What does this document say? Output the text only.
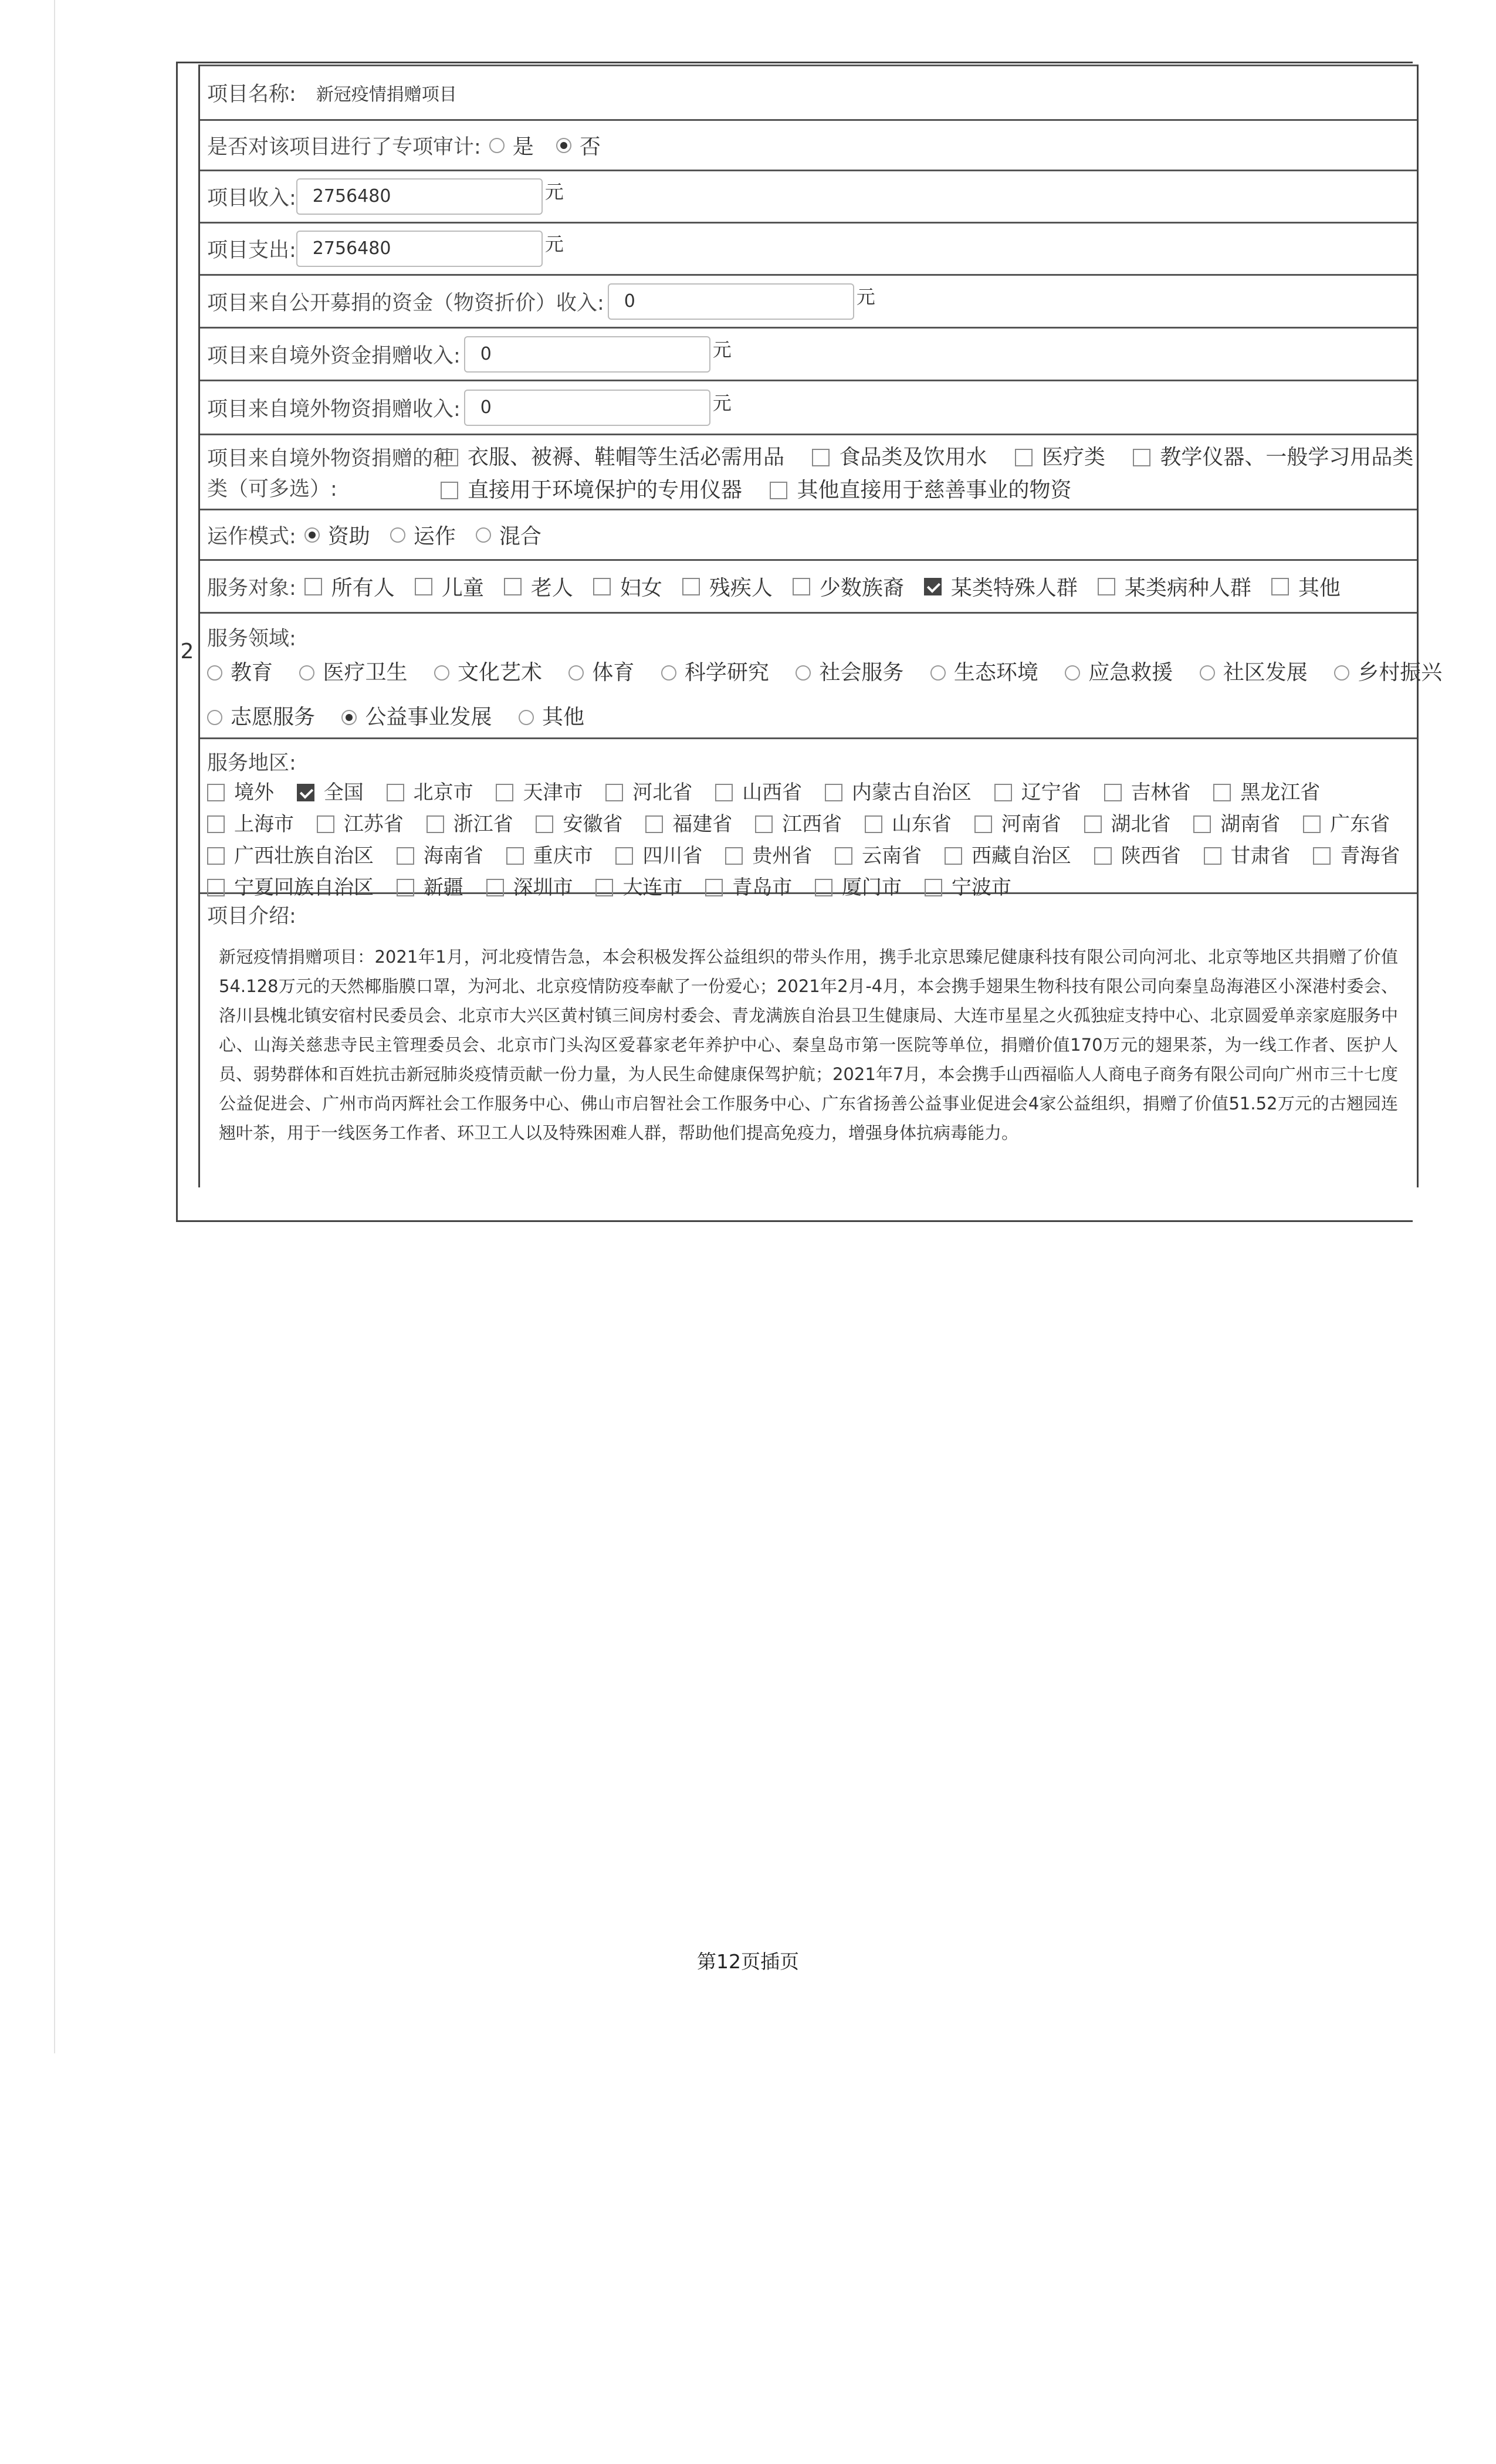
2
项目名称: 新冠疫情捐赠项目
是否对该项目进行了专项审计: 是 否
项目收入: 2756480	元
项目支出: 2756480	元
项目来自公开募捐的资金（物资折价）收入:	0	元
项目来自境外资金捐赠收入:	0	元
项目来自境外物资捐赠收入:	0	元
项目来自境外物资捐赠的种
类（可多选）:
衣服、被褥、鞋帽等生活必需用品
	食品类及饮用水
	医疗类
	教学仪器、一般学习用品类
直接用于环境保护的专用仪器
	其他直接用于慈善事业的物资
运作模式: 资助 运作 混合
服务对象: 所有人 儿童 老人 妇女 残疾人 少数族裔 某类特殊人群 某类病种人群 其他
服务领域:
教育
医疗卫生
文化艺术
体育
科学研究
社会服务
生态环境
应急救援
社区发展
乡村振兴
志愿服务
公益事业发展
其他
服务地区:
境外
全国
北京市
天津市
河北省
山西省
内蒙古自治区
辽宁省
吉林省
黑龙江省
上海市
江苏省
浙江省
安徽省
福建省
江西省
山东省
河南省
湖北省
湖南省
广东省
广西壮族自治区
海南省
重庆市
四川省
贵州省
云南省
西藏自治区
陕西省
甘肃省
青海省
宁夏回族自治区
新疆
深圳市
大连市
青岛市
厦门市
宁波市
项目介绍:
新冠疫情捐赠项目：2021年1月，河北疫情告急，本会积极发挥公益组织的带头作用，携手北京思臻尼健康科技有限公司向河北、北京等地区共捐赠了价值54.128万元的天然椰脂膜口罩，为河北、北京疫情防疫奉献了一份爱心；2021年2月-4月，本会携手翅果生物科技有限公司向秦皇岛海港区小深港村委会、洛川县槐北镇安宿村民委员会、北京市大兴区黄村镇三间房村委会、青龙满族自治县卫生健康局、大连市星星之火孤独症支持中心、北京圆爱单亲家庭服务中心、山海关慈悲寺民主管理委员会、北京市门头沟区爱暮家老年养护中心、秦皇岛市第一医院等单位，捐赠价值170万元的翅果茶，为一线工作者、医护人员、弱势群体和百姓抗击新冠肺炎疫情贡献一份力量，为人民生命健康保驾护航；2021年7月，本会携手山西福临人人商电子商务有限公司向广州市三十七度公益促进会、广州市尚丙辉社会工作服务中心、佛山市启智社会工作服务中心、广东省扬善公益事业促进会4家公益组织，捐赠了价值51.52万元的古翘园连翘叶茶，用于一线医务工作者、环卫工人以及特殊困难人群，帮助他们提高免疫力，增强身体抗病毒能力。
第12页插页
